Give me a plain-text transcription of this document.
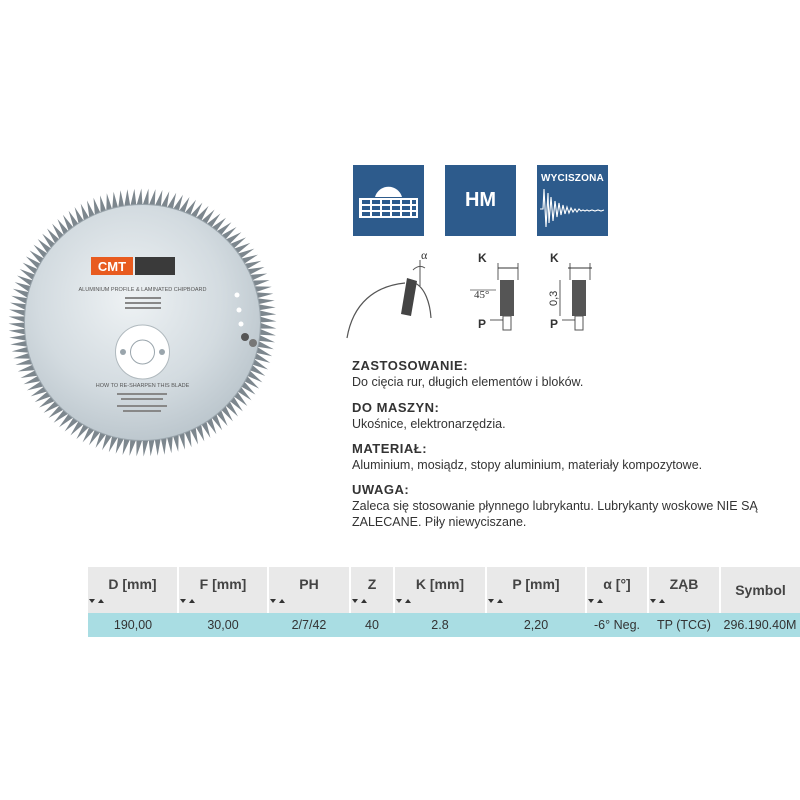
CMT
ALUMINIUM PROFILE & LAMINATED CHIPBOARD
HOW TO RE-SHARPEN THIS BLADE
HM
WYCISZONA
α	K
45°
P
K
0,3
P
ZASTOSOWANIE:
Do cięcia rur, długich elementów i bloków.
DO MASZYN:
Ukośnice, elektronarzędzia.
MATERIAŁ:
Aluminium, mosiądz, stopy aluminium, materiały kompozytowe.
UWAGA:
Zaleca się stosowanie płynnego lubrykantu. Lubrykanty woskowe NIE SĄ ZALECANE. Piły niewyciszane.
D [mm]	F [mm]	PH	Z	K [mm]	P [mm]	α [°]	ZĄB	Symbol

190,00	30,00	2/7/42	40	2.8	2,20	-6° Neg.	TP (TCG)	296.190.40M
